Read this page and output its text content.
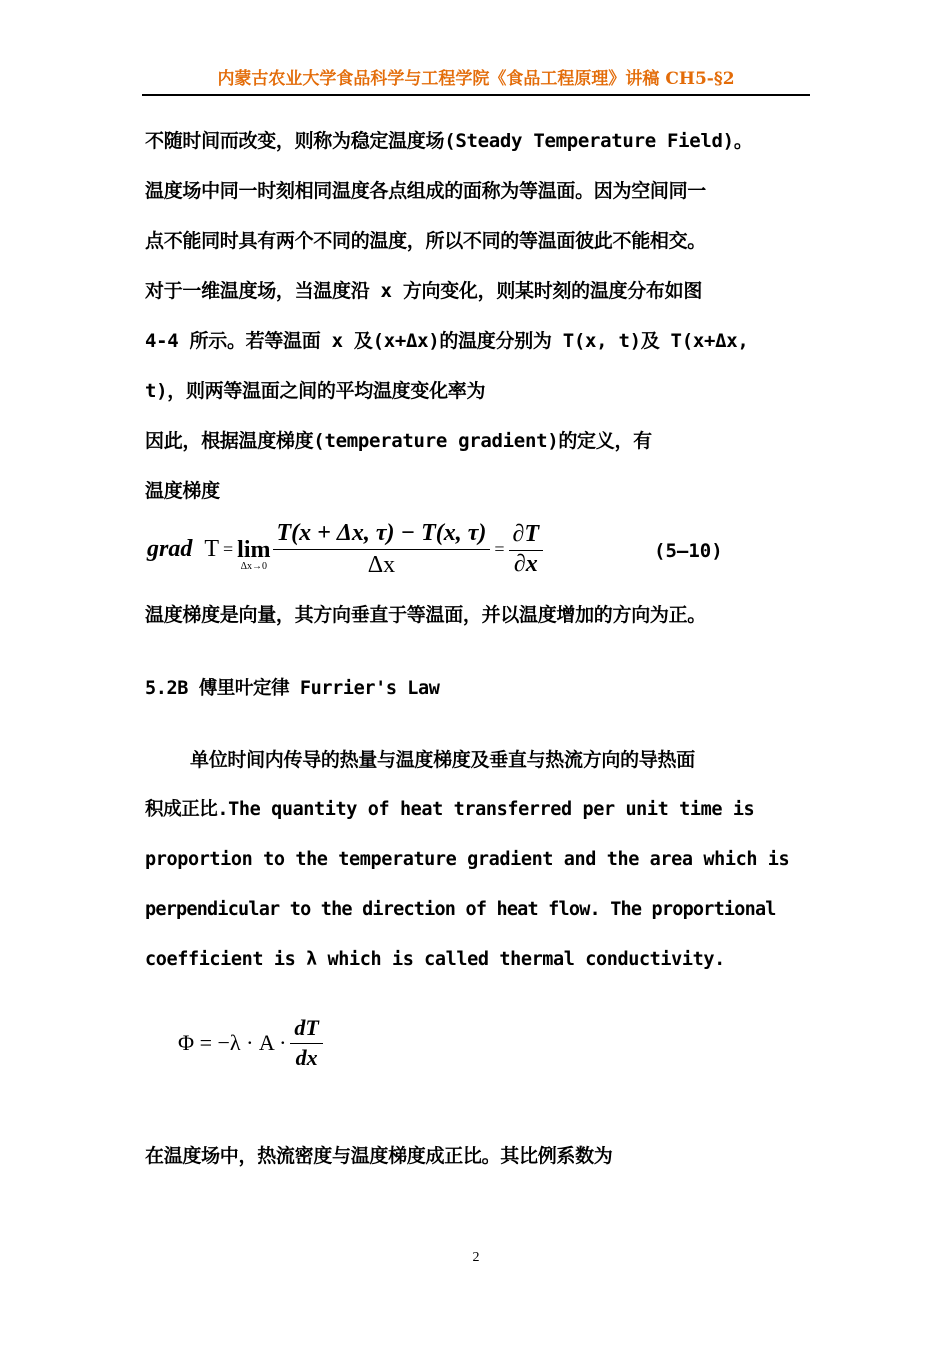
内蒙古农业大学食品科学与工程学院《食品工程原理》讲稿 CH5-§2
不随时间而改变，则称为稳定温度场(Steady Temperature Field)。
温度场中同一时刻相同温度各点组成的面称为等温面。因为空间同一
点不能同时具有两个不同的温度，所以不同的等温面彼此不能相交。
对于一维温度场，当温度沿 x 方向变化，则某时刻的温度分布如图
4-4 所示。若等温面 x 及(x+Δx)的温度分别为 T(x, t)及 T(x+Δx,
t)，则两等温面之间的平均温度变化率为
因此，根据温度梯度(temperature gradient)的定义，有
温度梯度
grad T = lim
Δx→0
T(x + Δx, τ) − T(x, τ)
Δx
=
∂T
∂x	(5—10)
温度梯度是向量，其方向垂直于等温面，并以温度增加的方向为正。
5.2B 傅里叶定律 Furrier's Law
单位时间内传导的热量与温度梯度及垂直与热流方向的导热面
积成正比.The quantity of heat transferred per unit time is
proportion to the temperature gradient and the area which is
perpendicular to the direction of heat flow. The proportional
coefficient is λ which is called thermal conductivity.
Φ = −λ · A ·
dT
dx
在温度场中，热流密度与温度梯度成正比。其比例系数为
2
